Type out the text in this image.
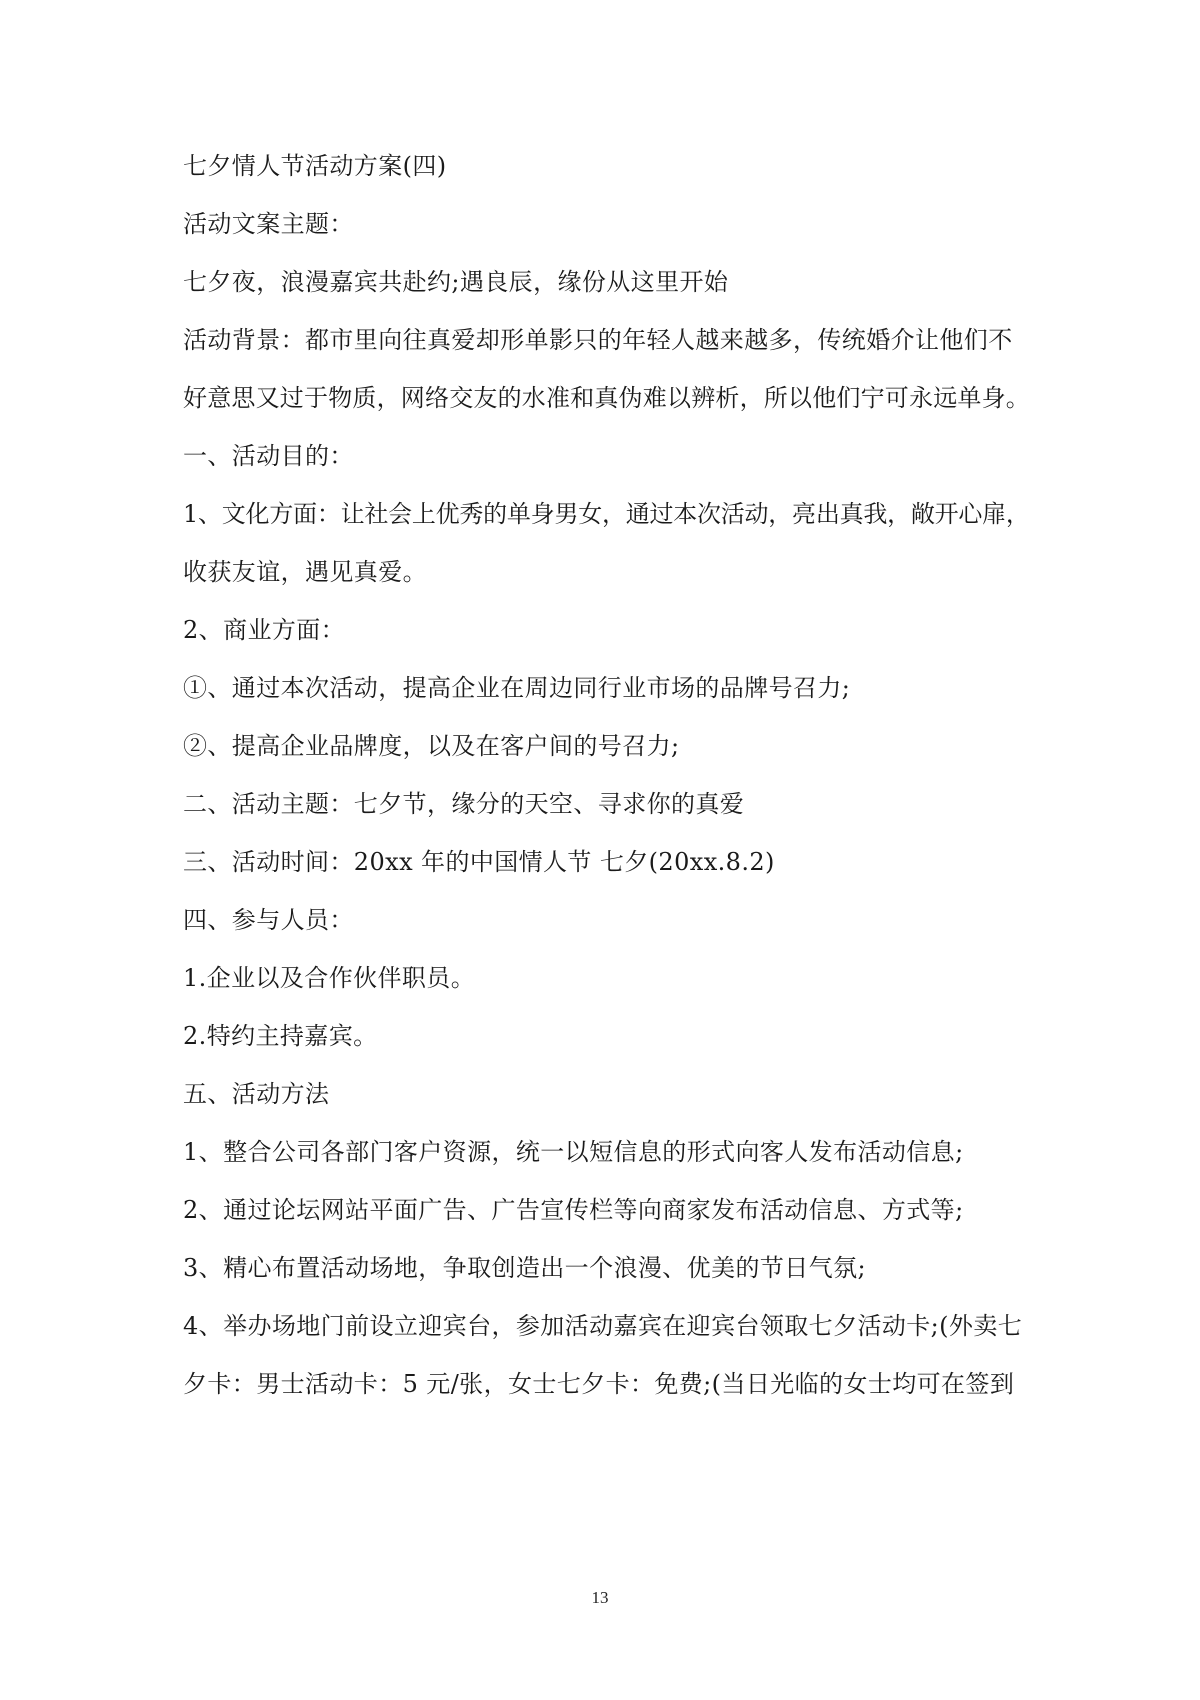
七夕情人节活动方案(四)
活动文案主题：
七夕夜，浪漫嘉宾共赴约;遇良辰，缘份从这里开始
活动背景：都市里向往真爱却形单影只的年轻人越来越多，传统婚介让他们不
好意思又过于物质，网络交友的水准和真伪难以辨析，所以他们宁可永远单身。
一、活动目的：
1、文化方面：让社会上优秀的单身男女，通过本次活动，亮出真我，敞开心扉，
收获友谊，遇见真爱。
2、商业方面：
①、通过本次活动，提高企业在周边同行业市场的品牌号召力;
②、提高企业品牌度，以及在客户间的号召力;
二、活动主题：七夕节，缘分的天空、寻求你的真爱
三、活动时间：20xx 年的中国情人节 七夕(20xx.8.2)
四、参与人员：
1.企业以及合作伙伴职员。
2.特约主持嘉宾。
五、活动方法
1、整合公司各部门客户资源，统一以短信息的形式向客人发布活动信息;
2、通过论坛网站平面广告、广告宣传栏等向商家发布活动信息、方式等;
3、精心布置活动场地，争取创造出一个浪漫、优美的节日气氛;
4、举办场地门前设立迎宾台，参加活动嘉宾在迎宾台领取七夕活动卡;(外卖七
夕卡：男士活动卡：5 元/张，女士七夕卡：免费;(当日光临的女士均可在签到
13
